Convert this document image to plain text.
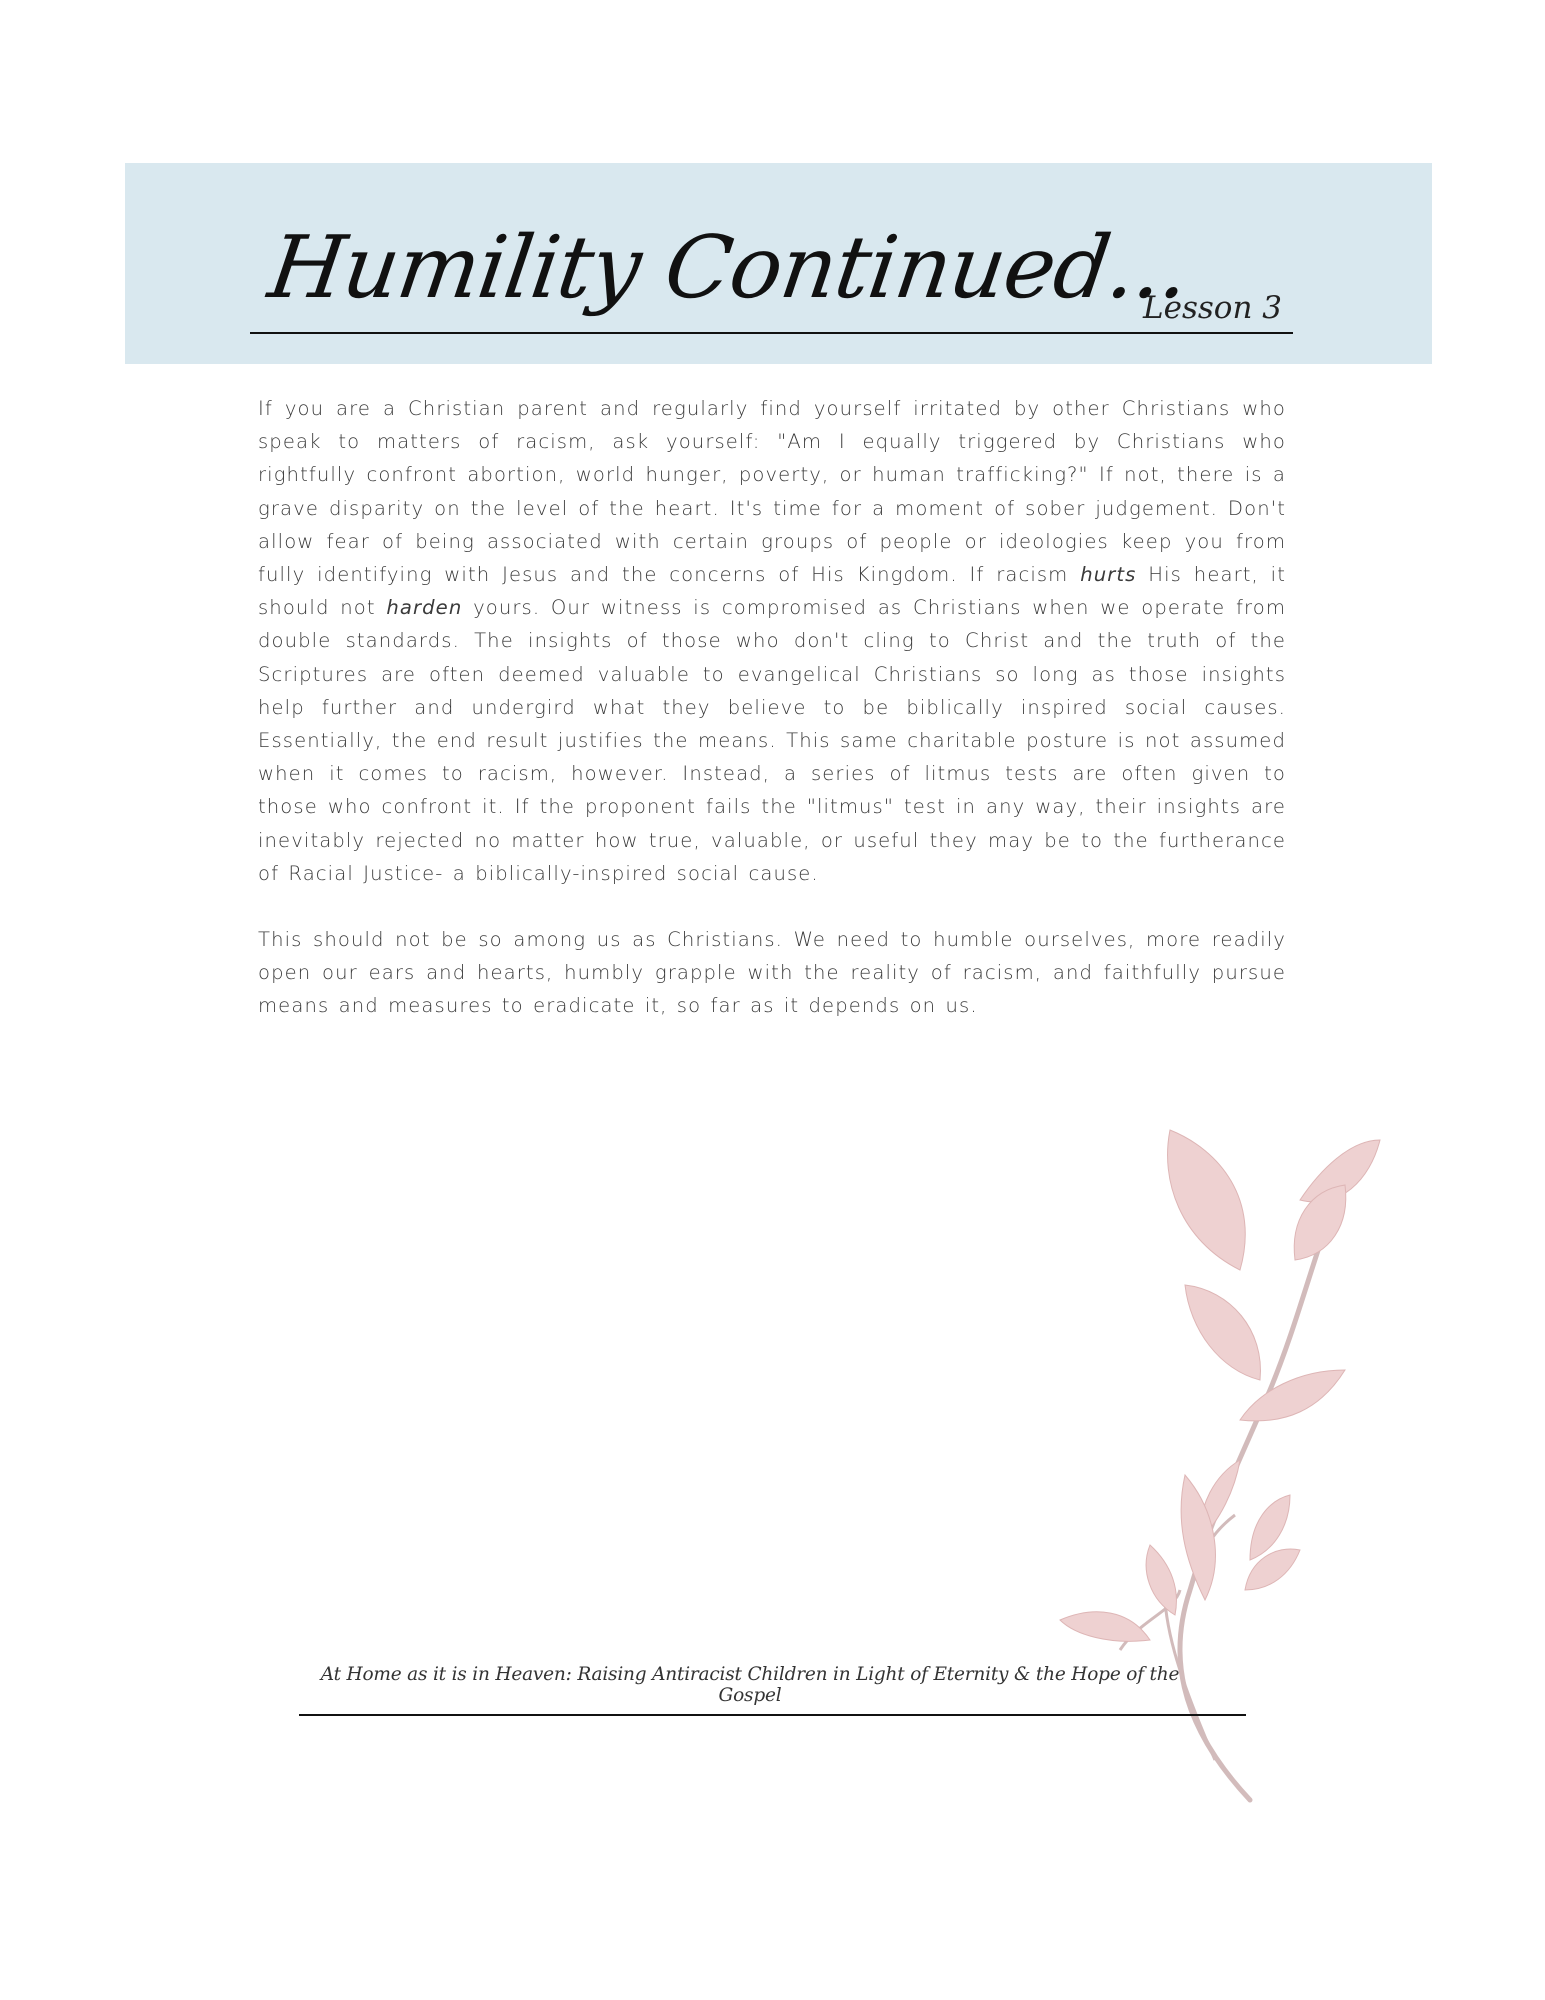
Humility Continued...
Lesson 3

If you are a Christian parent and regularly find yourself irritated by other Christians who speak to matters of racism, ask yourself: "Am I equally triggered by Christians who rightfully confront abortion, world hunger, poverty, or human trafficking?" If not, there is a grave disparity on the level of the heart. It's time for a moment of sober judgement. Don't allow fear of being associated with certain groups of people or ideologies keep you from fully identifying with Jesus and the concerns of His Kingdom. If racism hurts His heart, it should not harden yours. Our witness is compromised as Christians when we operate from double standards. The insights of those who don't cling to Christ and the truth of the Scriptures are often deemed valuable to evangelical Christians so long as those insights help further and undergird what they believe to be biblically inspired social causes. Essentially, the end result justifies the means. This same charitable posture is not assumed when it comes to racism, however. Instead, a series of litmus tests are often given to those who confront it. If the proponent fails the "litmus" test in any way, their insights are inevitably rejected no matter how true, valuable, or useful they may be to the furtherance of Racial Justice- a biblically-inspired social cause.

This should not be so among us as Christians. We need to humble ourselves, more readily open our ears and hearts, humbly grapple with the reality of racism, and faithfully pursue means and measures to eradicate it, so far as it depends on us.

At Home as it is in Heaven: Raising Antiracist Children in Light of Eternity & the Hope of the Gospel
